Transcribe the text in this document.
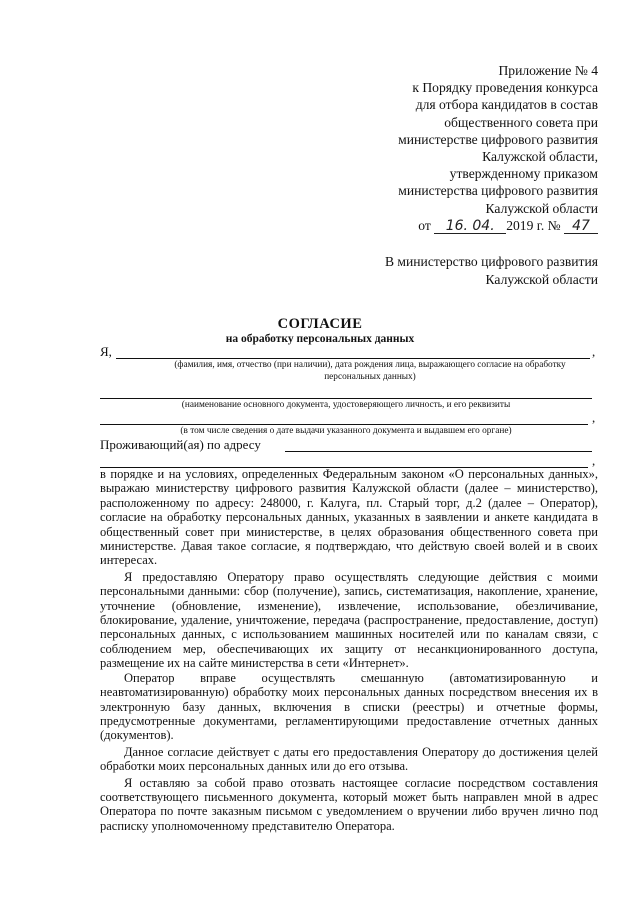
Приложение № 4
к Порядку проведения конкурса
для отбора кандидатов в состав
общественного совета при
министерстве цифрового развития
Калужской области,
утвержденному приказом
министерства цифрового развития
Калужской области
от 16. 04. 2019 г. № 47
В министерство цифрового развития
Калужской области
СОГЛАСИЕ
на обработку персональных данных
Я,	,
(фамилия, имя, отчество (при наличии), дата рождения лица, выражающего согласие на обработку персональных данных)
(наименование основного документа, удостоверяющего личность, и его реквизиты
,
(в том числе сведения о дате выдачи указанного документа и выдавшем его органе)
Проживающий(ая) по адресу
,

в порядке и на условиях, определенных Федеральным законом «О персональных данных», выражаю министерству цифрового развития Калужской области (далее – министерство), расположенному по адресу: 248000, г. Калуга, пл. Старый торг, д.2 (далее – Оператор), согласие на обработку персональных данных, указанных в заявлении и анкете кандидата в общественный совет при министерстве, в целях образования общественного совета при министерстве. Давая такое согласие, я подтверждаю, что действую своей волей и в своих интересах.

Я предоставляю Оператору право осуществлять следующие действия с моими персональными данными: сбор (получение), запись, систематизация, накопление, хранение, уточнение (обновление, изменение), извлечение, использование, обезличивание, блокирование, удаление, уничтожение, передача (распространение, предоставление, доступ) персональных данных, с использованием машинных носителей или по каналам связи, с соблюдением мер, обеспечивающих их защиту от несанкционированного доступа, размещение их на сайте министерства в сети «Интернет».

Оператор вправе осуществлять смешанную (автоматизированную и неавтоматизированную) обработку моих персональных данных посредством внесения их в электронную базу данных, включения в списки (реестры) и отчетные формы, предусмотренные документами, регламентирующими предоставление отчетных данных (документов).

Данное согласие действует с даты его предоставления Оператору до достижения целей обработки моих персональных данных или до его отзыва.

Я оставляю за собой право отозвать настоящее согласие посредством составления соответствующего письменного документа, который может быть направлен мной в адрес Оператора по почте заказным письмом с уведомлением о вручении либо вручен лично под расписку уполномоченному представителю Оператора.
